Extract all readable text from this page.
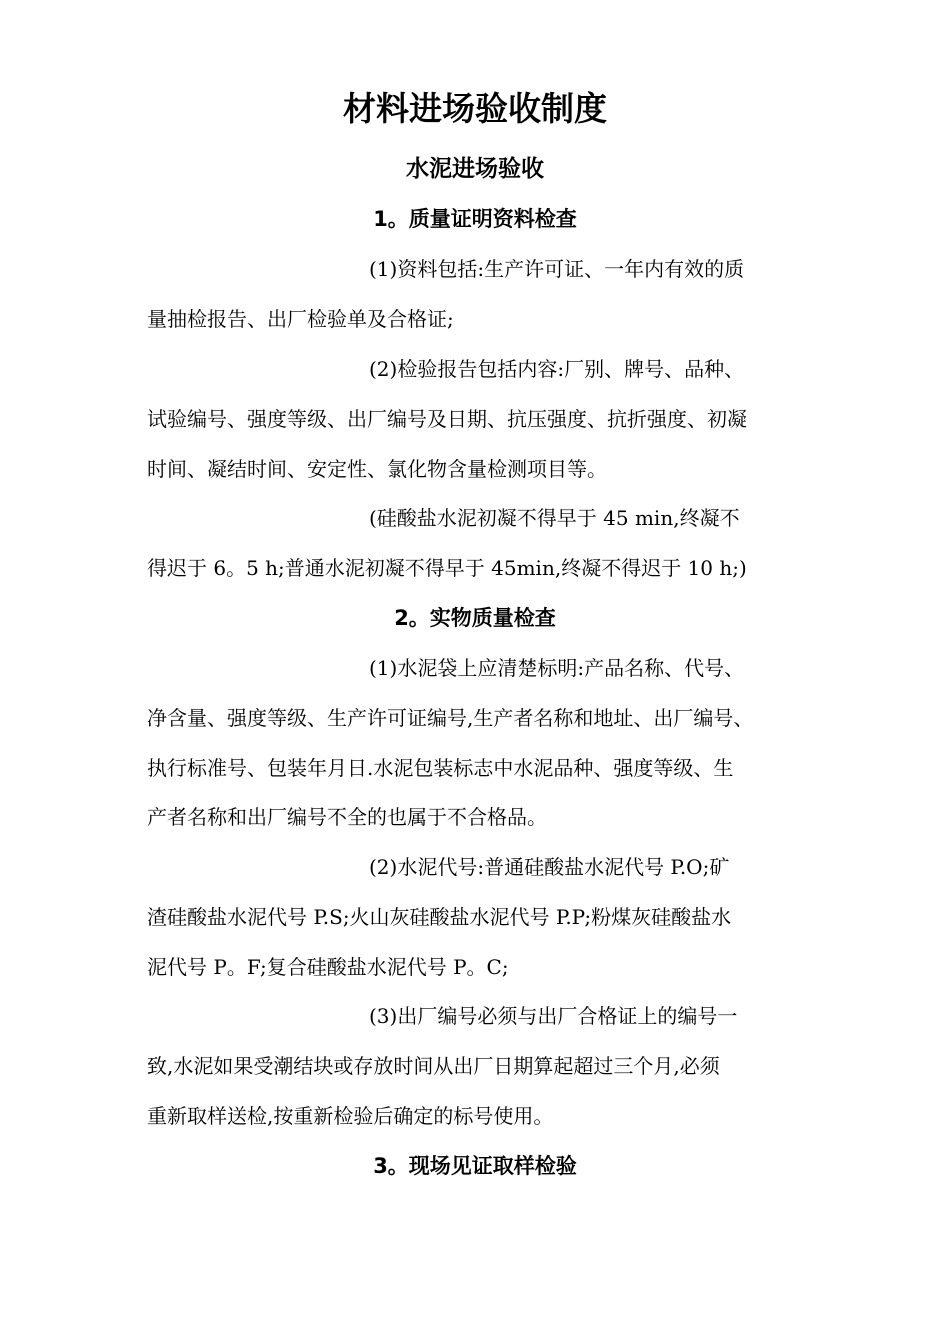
材料进场验收制度
水泥进场验收
1。质量证明资料检查
(1)资料包括:生产许可证、一年内有效的质
量抽检报告、出厂检验单及合格证;
(2)检验报告包括内容:厂别、牌号、品种、
试验编号、强度等级、出厂编号及日期、抗压强度、抗折强度、初凝
时间、凝结时间、安定性、氯化物含量检测项目等。
(硅酸盐水泥初凝不得早于 45 min,终凝不
得迟于 6。5 h;普通水泥初凝不得早于 45min,终凝不得迟于 10 h;)
2。实物质量检查
(1)水泥袋上应清楚标明:产品名称、代号、
净含量、强度等级、生产许可证编号,生产者名称和地址、出厂编号、
执行标准号、包装年月日.水泥包装标志中水泥品种、强度等级、生
产者名称和出厂编号不全的也属于不合格品。
(2)水泥代号:普通硅酸盐水泥代号 P.O;矿
渣硅酸盐水泥代号 P.S;火山灰硅酸盐水泥代号 P.P;粉煤灰硅酸盐水
泥代号 P。F;复合硅酸盐水泥代号 P。C;
(3)出厂编号必须与出厂合格证上的编号一
致,水泥如果受潮结块或存放时间从出厂日期算起超过三个月,必须
重新取样送检,按重新检验后确定的标号使用。
3。现场见证取样检验
